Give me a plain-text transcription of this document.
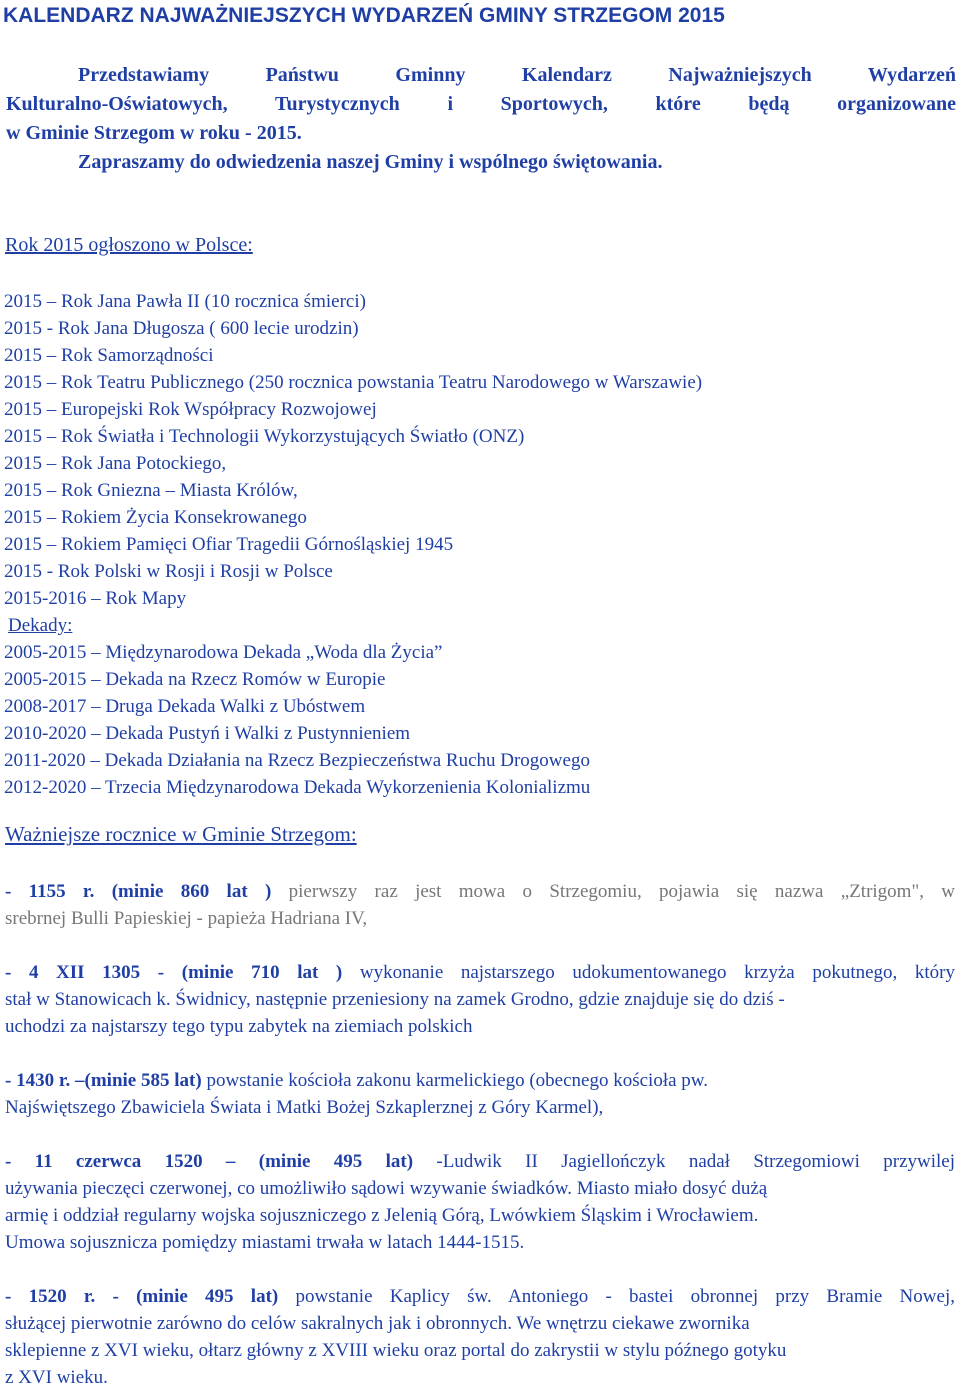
KALENDARZ NAJWAŻNIEJSZYCH WYDARZEŃ GMINY STRZEGOM 2015
Przedstawiamy Państwu Gminny Kalendarz Najważniejszych Wydarzeń
Kulturalno-Oświatowych, Turystycznych i Sportowych, które będą organizowane
w Gminie Strzegom w roku - 2015.
Zapraszamy do odwiedzenia naszej Gminy i wspólnego świętowania.
Rok 2015 ogłoszono w Polsce:
2015 – Rok Jana Pawła II (10 rocznica śmierci)
2015 - Rok Jana Długosza ( 600 lecie urodzin)
2015 – Rok Samorządności
2015 – Rok Teatru Publicznego (250 rocznica powstania Teatru Narodowego w Warszawie)
2015 – Europejski Rok Współpracy Rozwojowej
2015 – Rok Światła i Technologii Wykorzystujących Światło (ONZ)
2015 – Rok Jana Potockiego,
2015 – Rok Gniezna – Miasta Królów,
2015 – Rokiem Życia Konsekrowanego
2015 – Rokiem Pamięci Ofiar Tragedii Górnośląskiej 1945
2015 - Rok Polski w Rosji i Rosji w Polsce
2015-2016 – Rok Mapy
Dekady:
2005-2015 – Międzynarodowa Dekada „Woda dla Życia”
2005-2015 – Dekada na Rzecz Romów w Europie
2008-2017 – Druga Dekada Walki z Ubóstwem
2010-2020 – Dekada Pustyń i Walki z Pustynnieniem
2011-2020 – Dekada Działania na Rzecz Bezpieczeństwa Ruchu Drogowego
2012-2020 – Trzecia Międzynarodowa Dekada Wykorzenienia Kolonializmu
Ważniejsze rocznice w Gminie Strzegom:
- 1155 r. (minie 860 lat ) pierwszy raz jest mowa o Strzegomiu, pojawia się nazwa „Ztrigom", w
srebrnej Bulli Papieskiej - papieża Hadriana IV,
- 4 XII 1305 - (minie 710 lat ) wykonanie najstarszego udokumentowanego krzyża pokutnego, który
stał w Stanowicach k. Świdnicy, następnie przeniesiony na zamek Grodno, gdzie znajduje się do dziś -
uchodzi za najstarszy tego typu zabytek na ziemiach polskich
- 1430 r. –(minie 585 lat) powstanie kościoła zakonu karmelickiego (obecnego kościoła pw.
Najświętszego Zbawiciela Świata i Matki Bożej Szkaplerznej z Góry Karmel),
- 11 czerwca 1520 – (minie 495 lat) -Ludwik II Jagiellończyk nadał Strzegomiowi przywilej
używania pieczęci czerwonej, co umożliwiło sądowi wzywanie świadków. Miasto miało dosyć dużą
armię i oddział regularny wojska sojuszniczego z Jelenią Górą, Lwówkiem Śląskim i Wrocławiem.
Umowa sojusznicza pomiędzy miastami trwała w latach 1444-1515.
- 1520 r. - (minie 495 lat) powstanie Kaplicy św. Antoniego - bastei obronnej przy Bramie Nowej,
służącej pierwotnie zarówno do celów sakralnych jak i obronnych. We wnętrzu ciekawe zwornika
sklepienne z XVI wieku, ołtarz główny z XVIII wieku oraz portal do zakrystii w stylu późnego gotyku
z XVI wieku.
